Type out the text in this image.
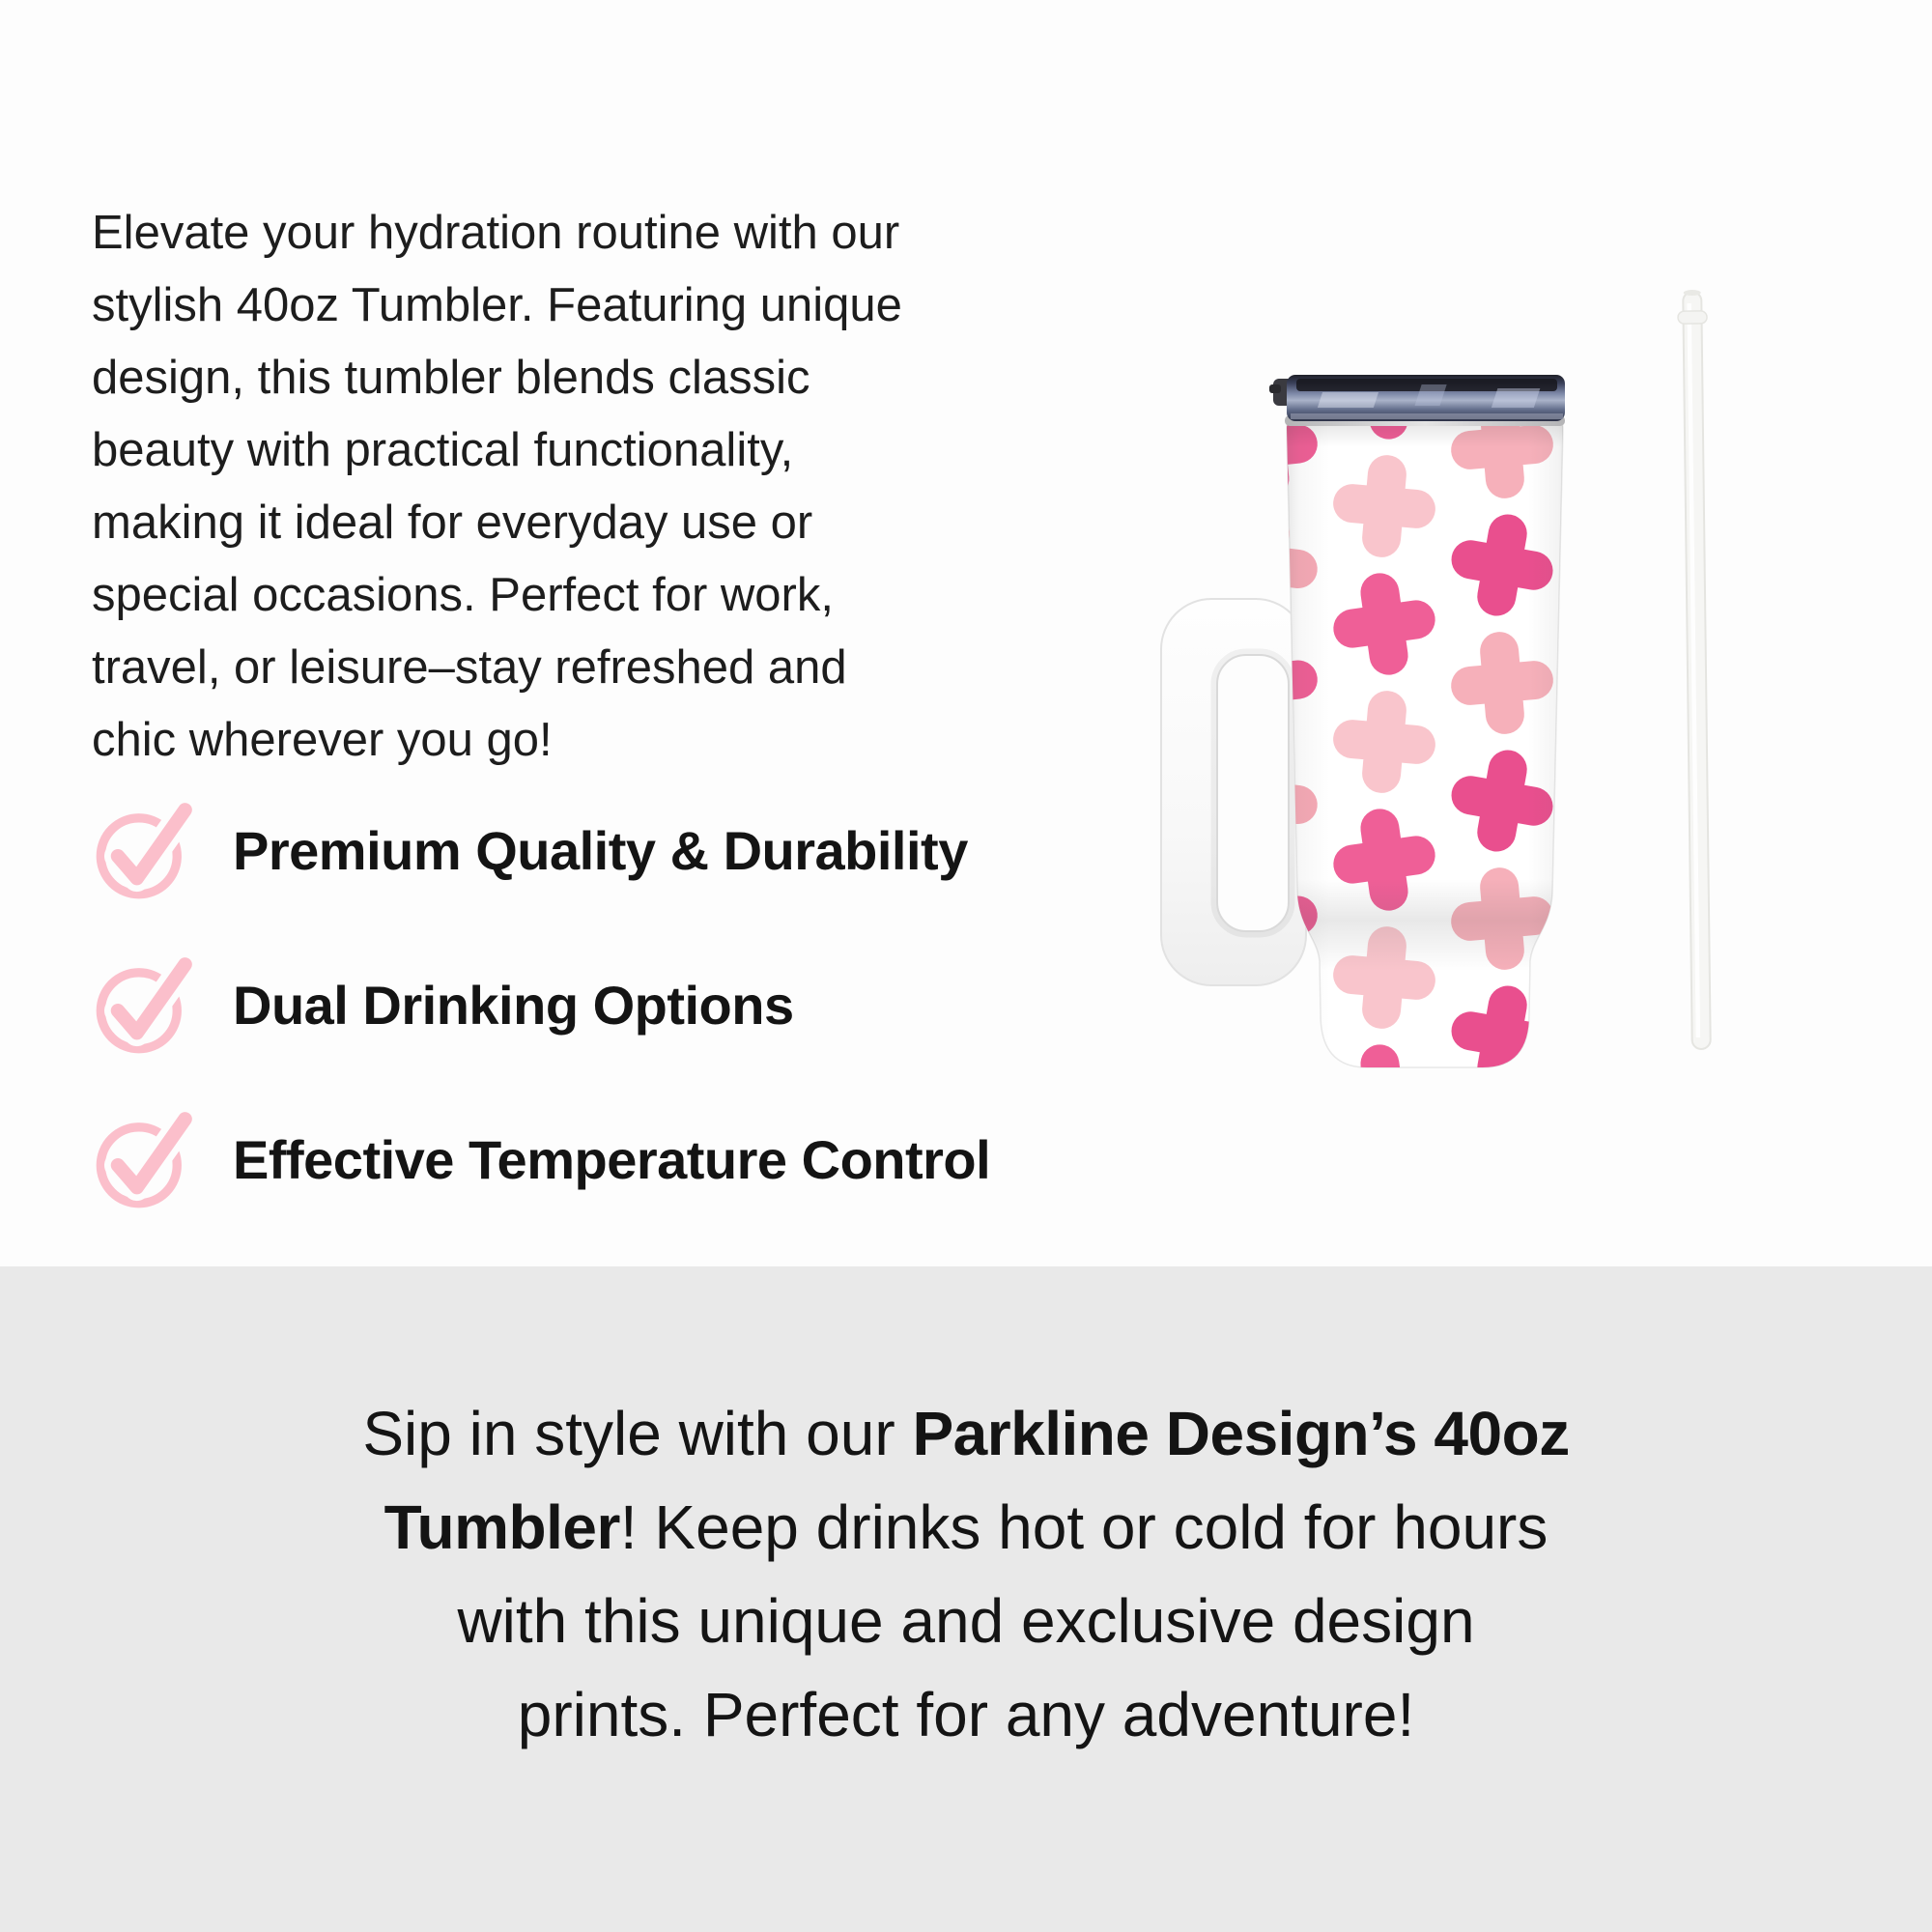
Elevate your hydration routine with our
stylish 40oz Tumbler. Featuring unique
design, this tumbler blends classic
beauty with practical functionality,
making it ideal for everyday use or
special occasions. Perfect for work,
travel, or leisure–stay refreshed and
chic wherever you go!
Premium Quality & Durability
Dual Drinking Options
Effective Temperature Control
Sip in style with our Parkline Design’s 40oz
Tumbler! Keep drinks hot or cold for hours
with this unique and exclusive design
prints. Perfect for any adventure!
